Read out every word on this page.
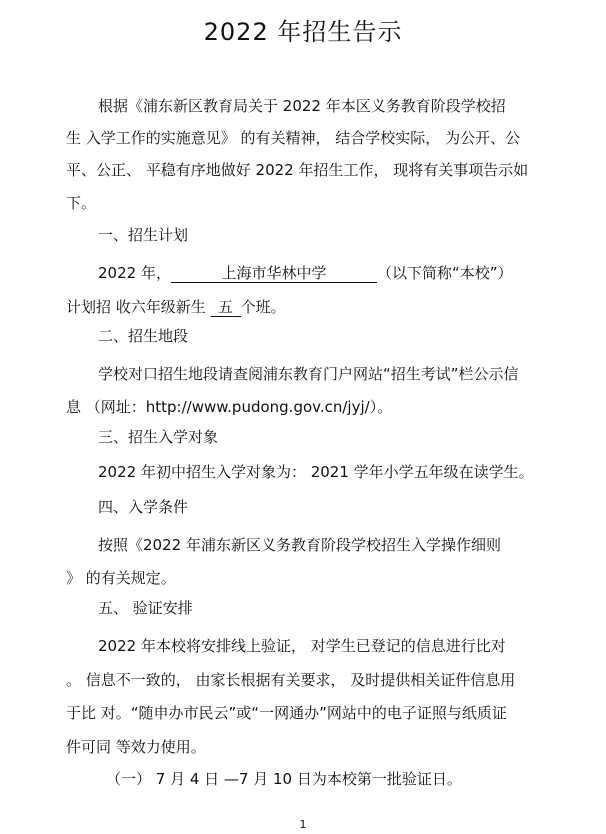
2022 年招生告示
根据《浦东新区教育局关于 2022 年本区义务教育阶段学校招
生 入学工作的实施意见》 的有关精神， 结合学校实际， 为公开、公
平、公正、 平稳有序地做好 2022 年招生工作， 现将有关事项告示如
下。
一、招生计划
2022 年，	上海市华林中学	（以下简称“本校”）
计划招 收六年级新生 五 个班。
二、招生地段
学校对口招生地段请查阅浦东教育门户网站“招生考试”栏公示信
息 （网址：http://www.pudong.gov.cn/jyj/）。
三、招生入学对象
2022 年初中招生入学对象为： 2021 学年小学五年级在读学生。
四、入学条件
按照《2022 年浦东新区义务教育阶段学校招生入学操作细则
》 的有关规定。
五、 验证安排
2022 年本校将安排线上验证， 对学生已登记的信息进行比对
。 信息不一致的， 由家长根据有关要求， 及时提供相关证件信息用
于比 对。“随申办市民云”或“一网通办”网站中的电子证照与纸质证
件可同 等效力使用。
（一） 7 月 4 日 —7 月 10 日为本校第一批验证日。
1
